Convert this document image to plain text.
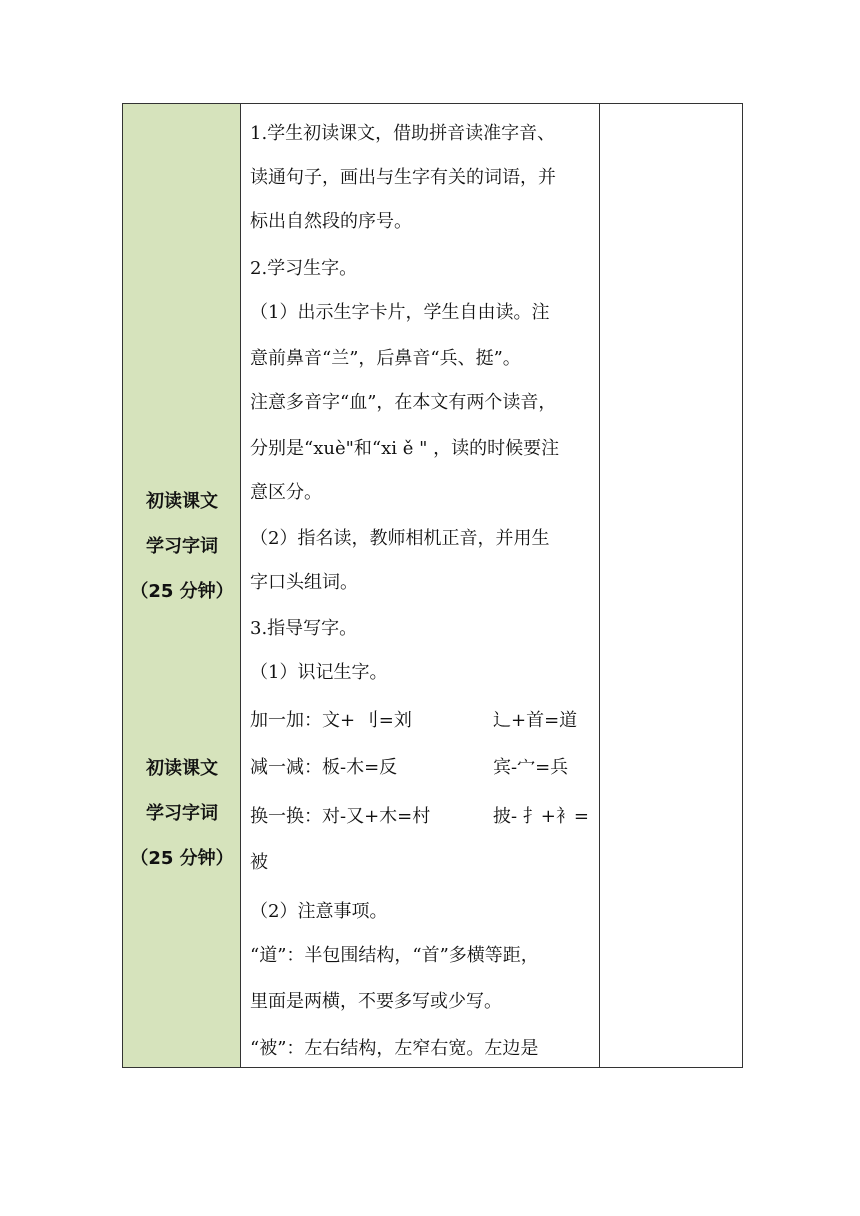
初读课文
学习字词
（25 分钟）
初读课文
学习字词
（25 分钟）
1.学生初读课文，借助拼音读准字音、
读通句子，画出与生字有关的词语，并
标出自然段的序号。
2.学习生字。
（1）出示生字卡片，学生自由读。注
意前鼻音“兰”，后鼻音“兵、挺”。
注意多音字“血”，在本文有两个读音，
分别是“xuè"和“xi ě " ，读的时候要注
意区分。
（2）指名读，教师相机正音，并用生
字口头组词。
3.指导写字。
（1）识记生字。
加一加：文+ 刂=刘	辶+首=道
减一减：板-木=反	宾-宀=兵
换一换：对-又+木=村	披- 扌+衤=
被
（2）注意事项。
“道”：半包围结构，“首”多横等距，
里面是两横，不要多写或少写。
“被”：左右结构，左窄右宽。左边是
